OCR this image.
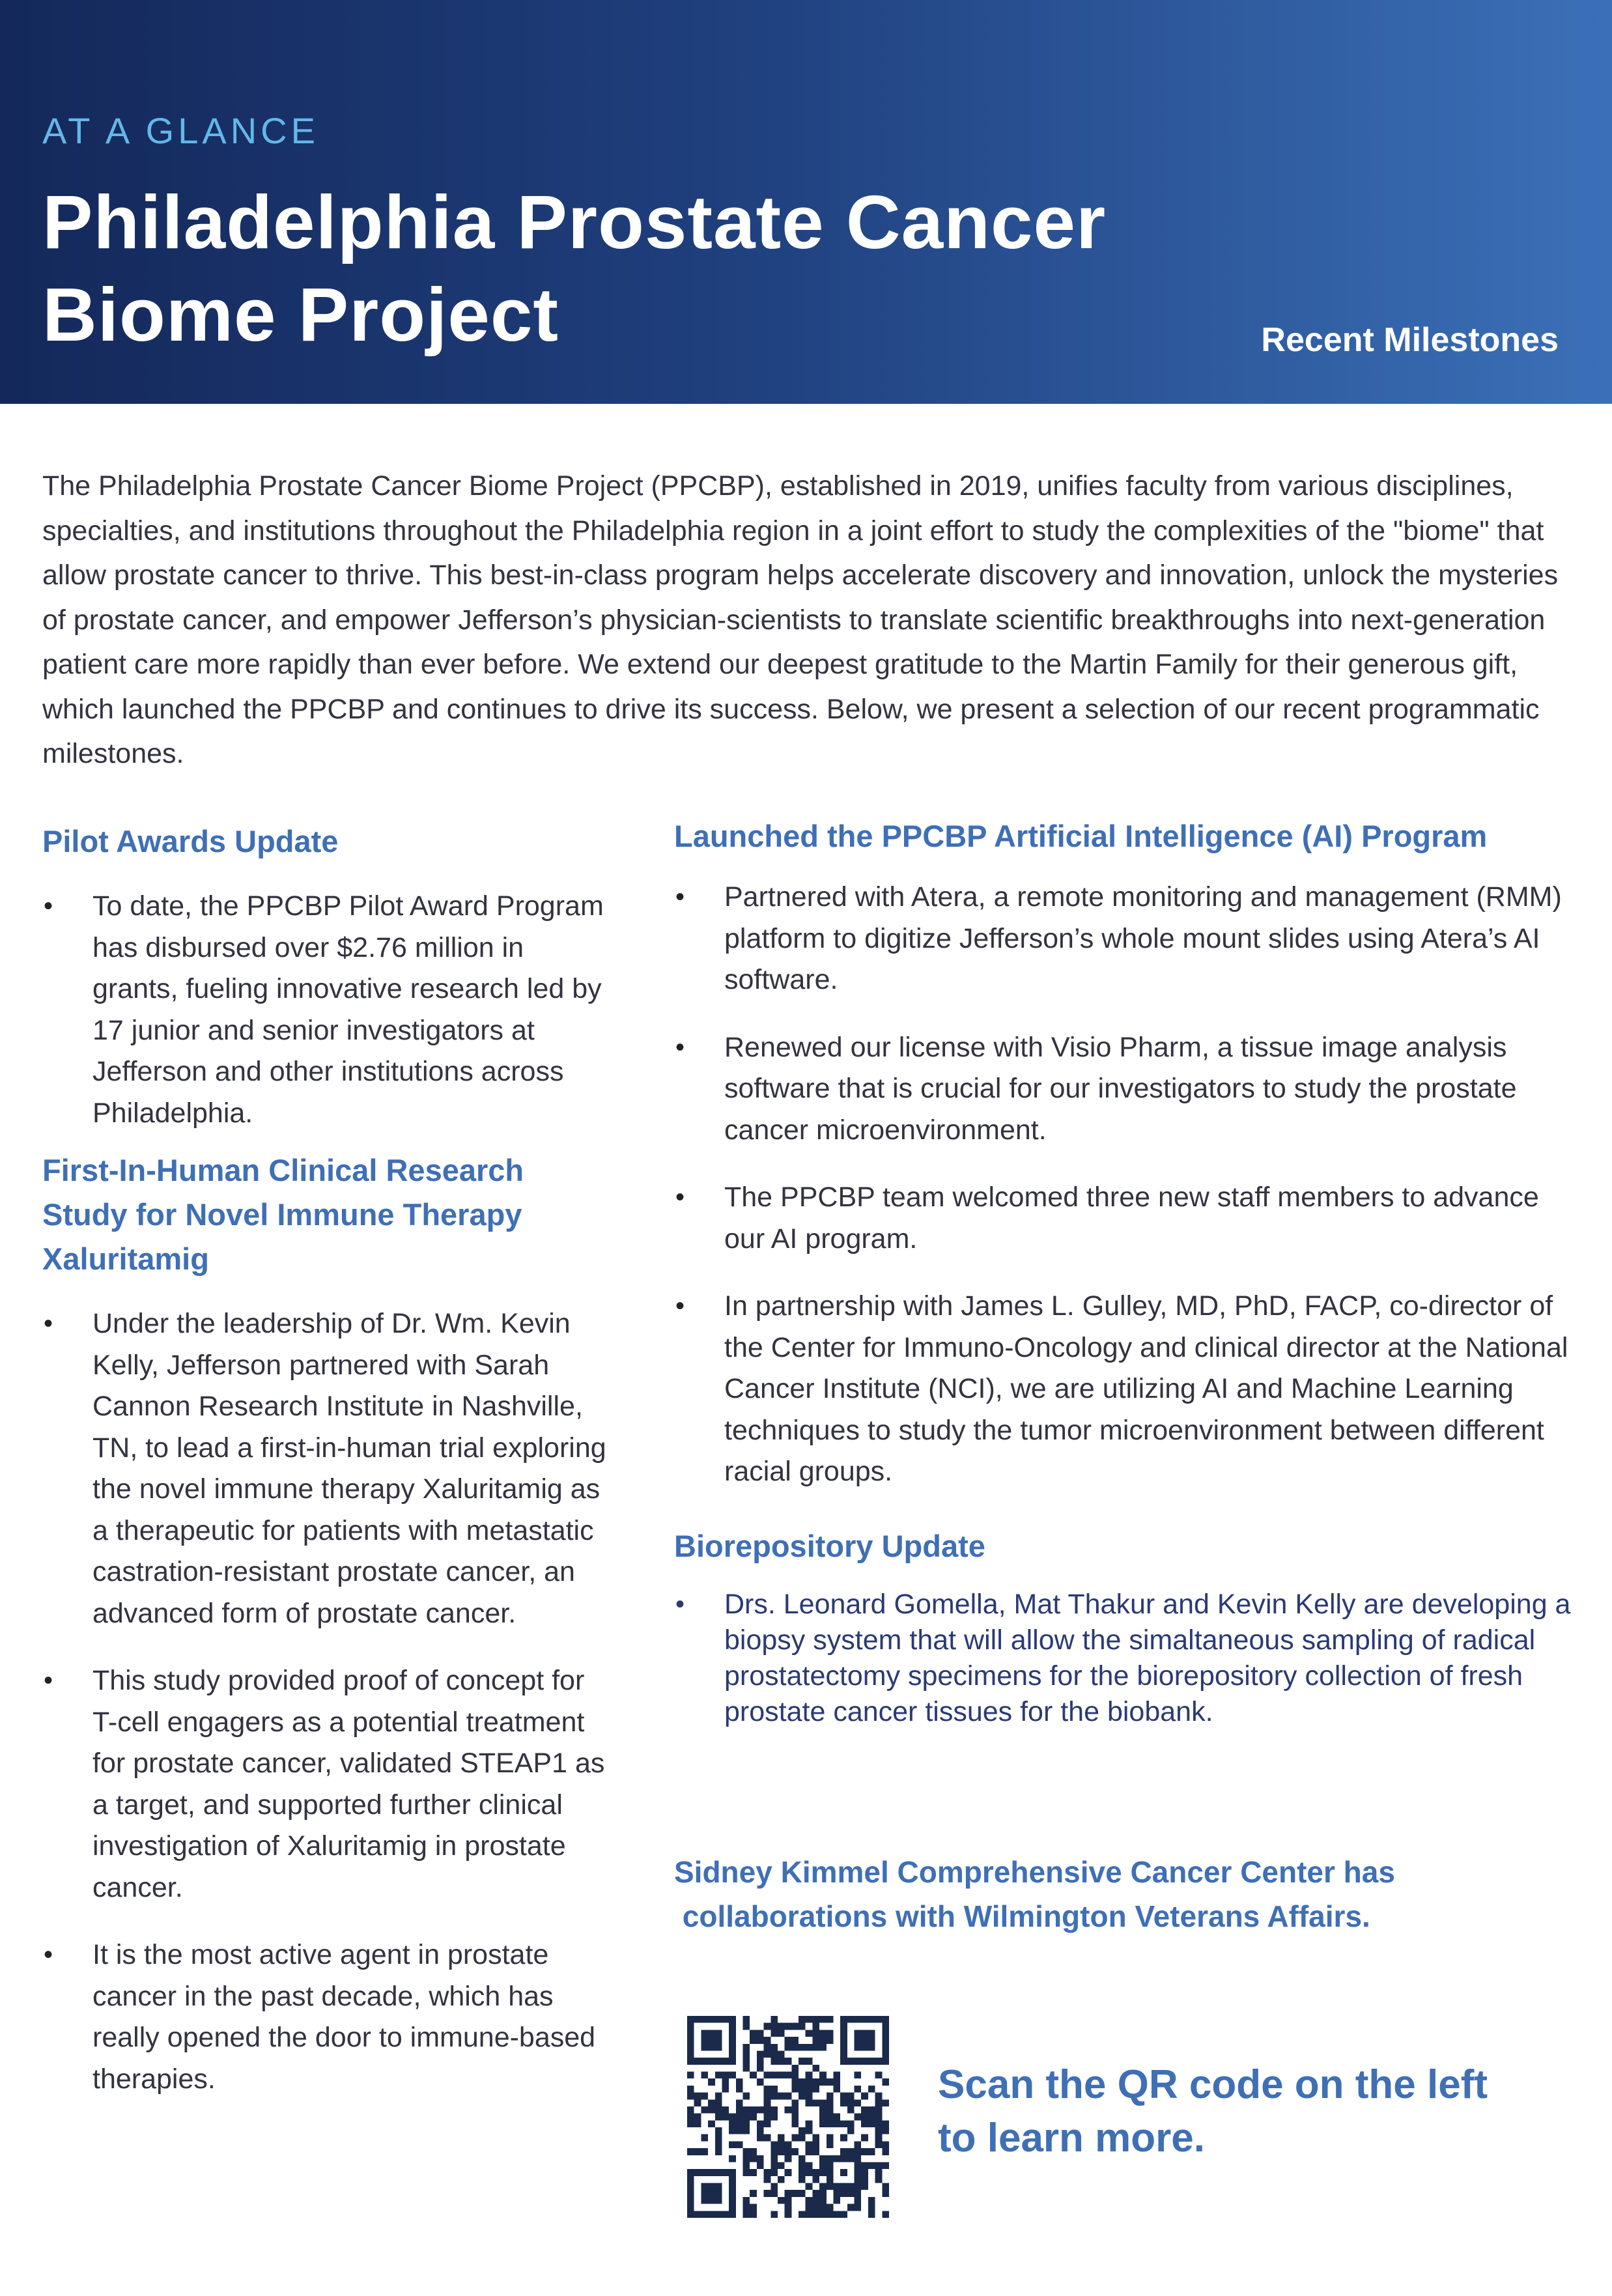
AT A GLANCE
Philadelphia Prostate Cancer
Biome Project	Recent Milestones

The Philadelphia Prostate Cancer Biome Project (PPCBP), established in 2019, unifies faculty from various disciplines, specialties, and institutions throughout the Philadelphia region in a joint effort to study the complexities of the "biome" that allow prostate cancer to thrive. This best-in-class program helps accelerate discovery and innovation, unlock the mysteries of prostate cancer, and empower Jefferson’s physician-scientists to translate scientific breakthroughs into next-generation patient care more rapidly than ever before. We extend our deepest gratitude to the Martin Family for their generous gift, which launched the PPCBP and continues to drive its success. Below, we present a selection of our recent programmatic milestones.

Pilot Awards Update
• To date, the PPCBP Pilot Award Program has disbursed over $2.76 million in grants, fueling innovative research led by 17 junior and senior investigators at Jefferson and other institutions across Philadelphia.
First-In-Human Clinical Research Study for Novel Immune Therapy Xaluritamig
• Under the leadership of Dr. Wm. Kevin Kelly, Jefferson partnered with Sarah Cannon Research Institute in Nashville, TN, to lead a first-in-human trial exploring the novel immune therapy Xaluritamig as a therapeutic for patients with metastatic castration-resistant prostate cancer, an advanced form of prostate cancer.
• This study provided proof of concept for T-cell engagers as a potential treatment for prostate cancer, validated STEAP1 as a target, and supported further clinical investigation of Xaluritamig in prostate cancer.
• It is the most active agent in prostate cancer in the past decade, which has really opened the door to immune-based therapies.
Launched the PPCBP Artificial Intelligence (AI) Program
• Partnered with Atera, a remote monitoring and management (RMM) platform to digitize Jefferson’s whole mount slides using Atera’s AI software.
• Renewed our license with Visio Pharm, a tissue image analysis software that is crucial for our investigators to study the prostate cancer microenvironment.
• The PPCBP team welcomed three new staff members to advance our AI program.
• In partnership with James L. Gulley, MD, PhD, FACP, co-director of the Center for Immuno-Oncology and clinical director at the National Cancer Institute (NCI), we are utilizing AI and Machine Learning techniques to study the tumor microenvironment between different racial groups.
Biorepository Update
• Drs. Leonard Gomella, Mat Thakur and Kevin Kelly are developing a biopsy system that will allow the simaltaneous sampling of radical prostatectomy specimens for the biorepository collection of fresh prostate cancer tissues for the biobank.
Sidney Kimmel Comprehensive Cancer Center has
collaborations with Wilmington Veterans Affairs.
Scan the QR code on the left
to learn more.
